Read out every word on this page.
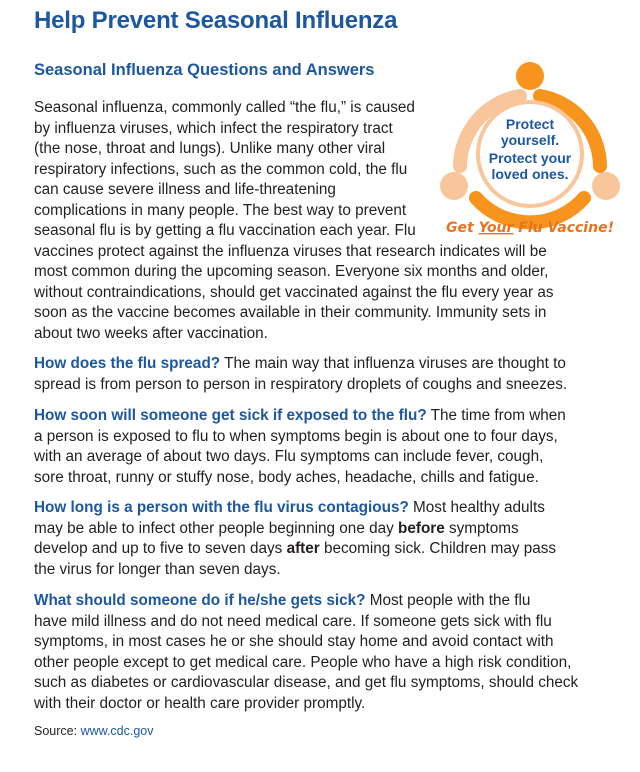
Help Prevent Seasonal Influenza
Seasonal Influenza Questions and Answers
Protect
yourself.
Protect your
loved ones.
Get Your Flu Vaccine!

Seasonal influenza, commonly called “the flu,” is caused

by influenza viruses, which infect the respiratory tract

(the nose, throat and lungs). Unlike many other viral

respiratory infections, such as the common cold, the flu

can cause severe illness and life-threatening

complications in many people. The best way to prevent

seasonal flu is by getting a flu vaccination each year. Flu

vaccines protect against the influenza viruses that research indicates will be

most common during the upcoming season. Everyone six months and older,

without contraindications, should get vaccinated against the flu every year as

soon as the vaccine becomes available in their community. Immunity sets in

about two weeks after vaccination.

How does the flu spread? The main way that influenza viruses are thought to

spread is from person to person in respiratory droplets of coughs and sneezes.

How soon will someone get sick if exposed to the flu? The time from when

a person is exposed to flu to when symptoms begin is about one to four days,

with an average of about two days. Flu symptoms can include fever, cough,

sore throat, runny or stuffy nose, body aches, headache, chills and fatigue.

How long is a person with the flu virus contagious? Most healthy adults

may be able to infect other people beginning one day before symptoms

develop and up to five to seven days after becoming sick. Children may pass

the virus for longer than seven days.

What should someone do if he/she gets sick? Most people with the flu

have mild illness and do not need medical care. If someone gets sick with flu

symptoms, in most cases he or she should stay home and avoid contact with

other people except to get medical care. People who have a high risk condition,

such as diabetes or cardiovascular disease, and get flu symptoms, should check

with their doctor or health care provider promptly.

Source: www.cdc.gov
